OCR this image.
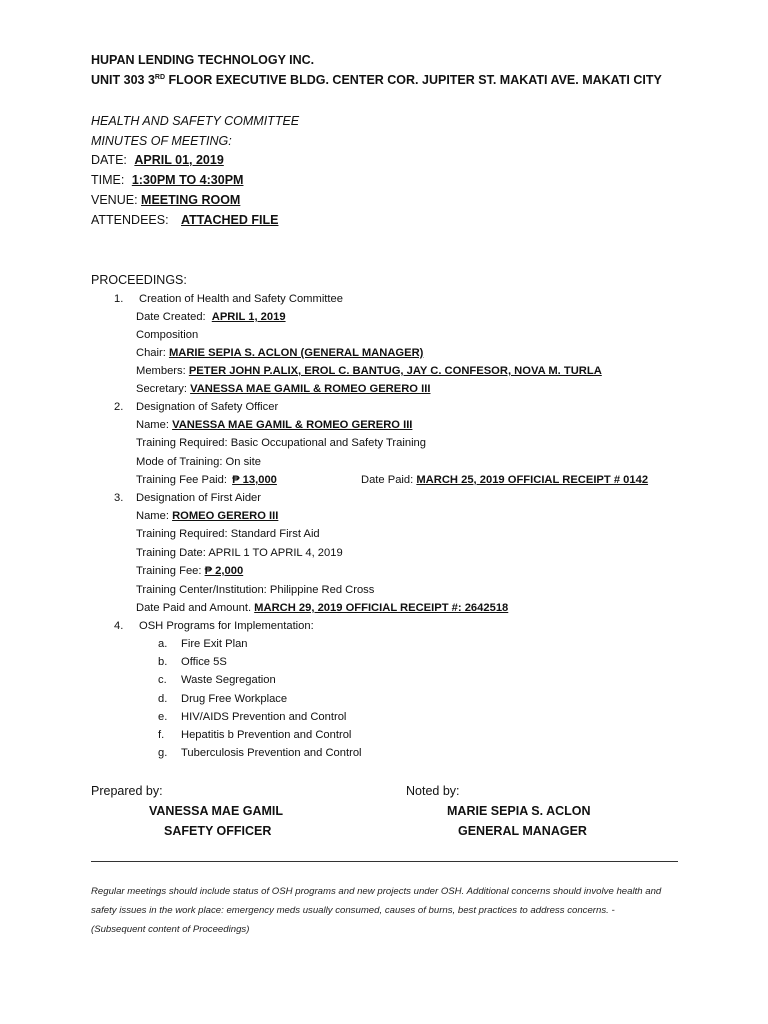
HUPAN LENDING TECHNOLOGY INC.
UNIT 303 3RD FLOOR EXECUTIVE BLDG. CENTER COR. JUPITER ST. MAKATI AVE. MAKATI CITY
HEALTH AND SAFETY COMMITTEE
MINUTES OF MEETING:
DATE: APRIL 01, 2019
TIME: 1:30PM TO 4:30PM
VENUE: MEETING ROOM
ATTENDEES: ATTACHED FILE
PROCEEDINGS:
1. Creation of Health and Safety Committee
Date Created: APRIL 1, 2019
Composition
Chair: MARIE SEPIA S. ACLON (GENERAL MANAGER)
Members: PETER JOHN P.ALIX, EROL C. BANTUG, JAY C. CONFESOR, NOVA M. TURLA
Secretary: VANESSA MAE GAMIL & ROMEO GERERO III
2. Designation of Safety Officer
Name: VANESSA MAE GAMIL & ROMEO GERERO III
Training Required: Basic Occupational and Safety Training
Mode of Training: On site
Training Fee Paid: ₱ 13,000	Date Paid: MARCH 25, 2019 OFFICIAL RECEIPT # 0142
3. Designation of First Aider
Name: ROMEO GERERO III
Training Required: Standard First Aid
Training Date: APRIL 1 TO APRIL 4, 2019
Training Fee: ₱ 2,000
Training Center/Institution: Philippine Red Cross
Date Paid and Amount. MARCH 29, 2019 OFFICIAL RECEIPT #: 2642518
4. OSH Programs for Implementation:
a. Fire Exit Plan
b. Office 5S
c. Waste Segregation
d. Drug Free Workplace
e. HIV/AIDS Prevention and Control
f. Hepatitis b Prevention and Control
g. Tuberculosis Prevention and Control
Prepared by:
VANESSA MAE GAMIL
SAFETY OFFICER
Noted by:
MARIE SEPIA S. ACLON
GENERAL MANAGER
Regular meetings should include status of OSH programs and new projects under OSH. Additional concerns should involve health and safety issues in the work place: emergency meds usually consumed, causes of burns, best practices to address concerns. - (Subsequent content of Proceedings)
